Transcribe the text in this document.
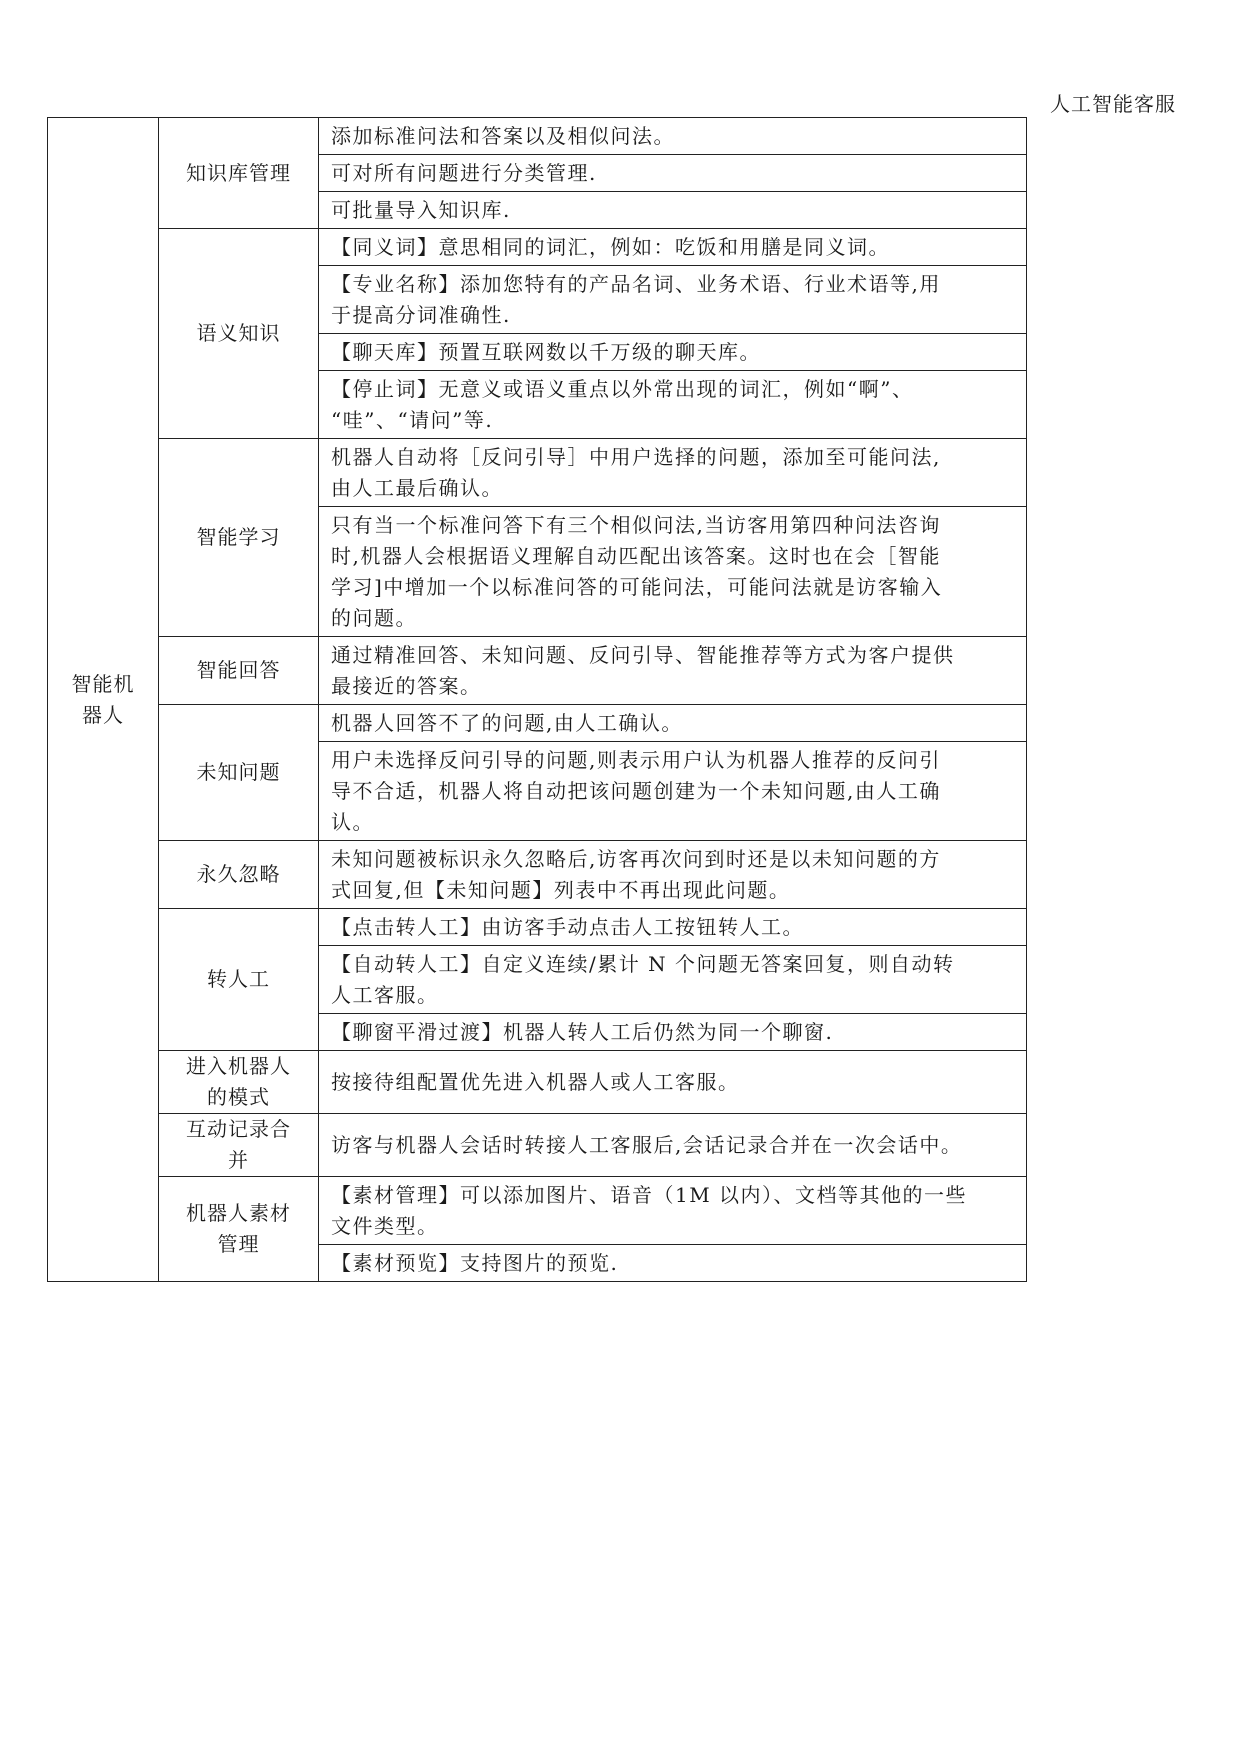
人工智能客服
智能机
器人	知识库管理	添加标准问法和答案以及相似问法。

		可对所有问题进行分类管理.

		可批量导入知识库.

	语义知识	【同义词】意思相同的词汇，例如：吃饭和用膳是同义词。

		【专业名称】添加您特有的产品名词、业务术语、行业术语等,用
于提高分词准确性.

		【聊天库】预置互联网数以千万级的聊天库。

		【停止词】无意义或语义重点以外常出现的词汇，例如“啊”、
“哇”、“请问”等.

	智能学习	机器人自动将［反问引导］中用户选择的问题，添加至可能问法,
由人工最后确认。

		只有当一个标准问答下有三个相似问法,当访客用第四种问法咨询
时,机器人会根据语义理解自动匹配出该答案。这时也在会［智能
学习]中增加一个以标准问答的可能问法，可能问法就是访客输入
的问题。

	智能回答	通过精准回答、未知问题、反问引导、智能推荐等方式为客户提供
最接近的答案。

	未知问题	机器人回答不了的问题,由人工确认。

		用户未选择反问引导的问题,则表示用户认为机器人推荐的反问引
导不合适，机器人将自动把该问题创建为一个未知问题,由人工确
认。

	永久忽略	未知问题被标识永久忽略后,访客再次问到时还是以未知问题的方
式回复,但【未知问题】列表中不再出现此问题。

	转人工	【点击转人工】由访客手动点击人工按钮转人工。

		【自动转人工】自定义连续/累计 N 个问题无答案回复，则自动转
人工客服。

		【聊窗平滑过渡】机器人转人工后仍然为同一个聊窗.

	进入机器人
的模式	按接待组配置优先进入机器人或人工客服。

	互动记录合
并	访客与机器人会话时转接人工客服后,会话记录合并在一次会话中。

	机器人素材
管理	【素材管理】可以添加图片、语音（1M 以内）、文档等其他的一些
文件类型。

		【素材预览】支持图片的预览.
